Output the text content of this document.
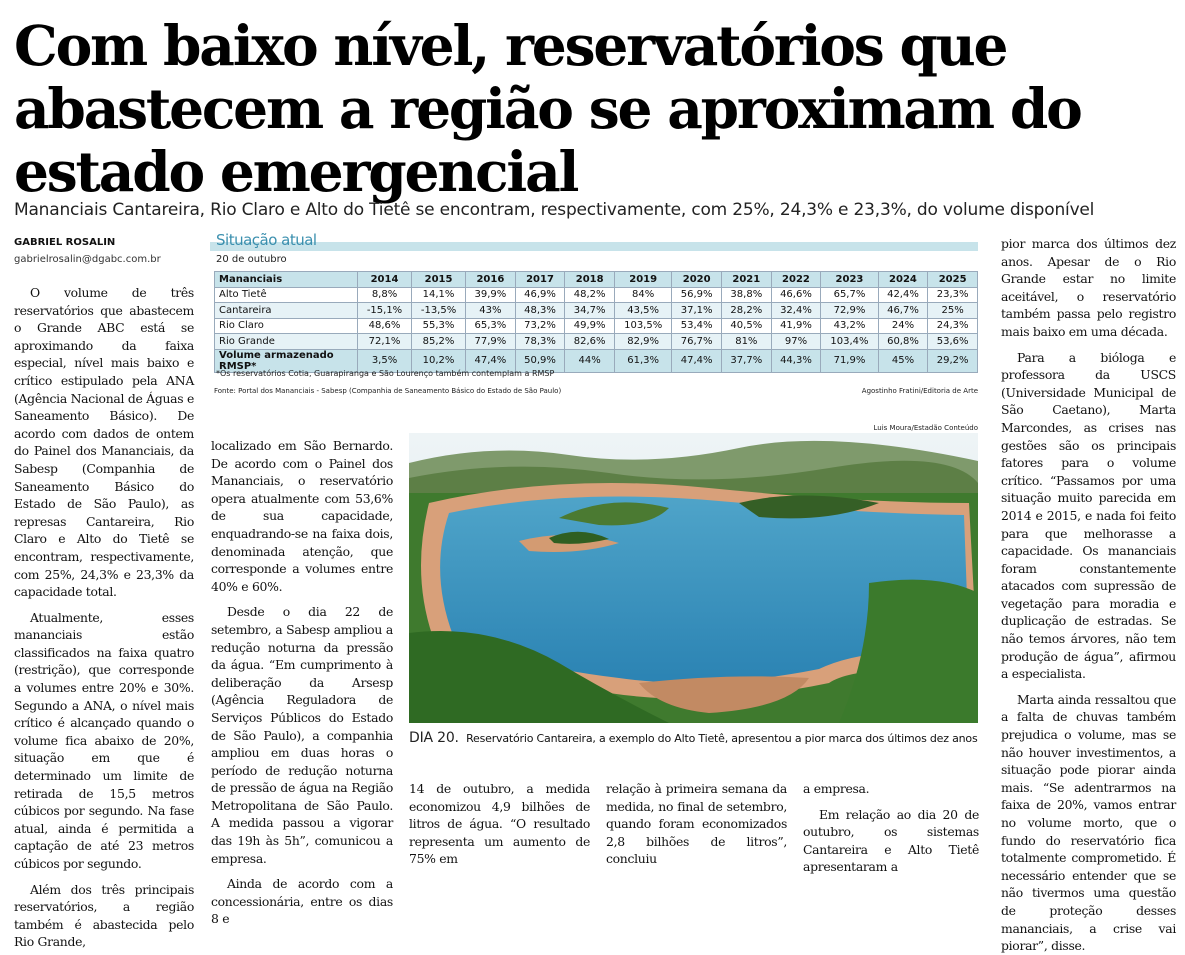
Com baixo nível, reservatórios que abastecem a região se aproximam do estado emergencial
Mananciais Cantareira, Rio Claro e Alto do Tietê se encontram, respectivamente, com 25%, 24,3% e 23,3%, do volume disponível
GABRIEL ROSALIN
gabrielrosalin@dgabc.com.br

O volume de três reservatórios que abastecem o Grande ABC está se aproximando da faixa especial, nível mais baixo e crítico estipulado pela ANA (Agência Nacional de Águas e Saneamento Básico). De acordo com dados de ontem do Painel dos Mananciais, da Sabesp (Companhia de Saneamento Básico do Estado de São Paulo), as represas Cantareira, Rio Claro e Alto do Tietê se encontram, respectivamente, com 25%, 24,3% e 23,3% da capacidade total.

Atualmente, esses mananciais estão classificados na faixa quatro (restrição), que corresponde a volumes entre 20% e 30%. Segundo a ANA, o nível mais crítico é alcançado quando o volume fica abaixo de 20%, situação em que é determinado um limite de retirada de 15,5 metros cúbicos por segundo. Na fase atual, ainda é permitida a captação de até 23 metros cúbicos por segundo.

Além dos três principais reservatórios, a região também é abastecida pelo Rio Grande,

localizado em São Bernardo. De acordo com o Painel dos Mananciais, o reservatório opera atualmente com 53,6% de sua capacidade, enquadrando-se na faixa dois, denominada atenção, que corresponde a volumes entre 40% e 60%.

Desde o dia 22 de setembro, a Sabesp ampliou a redução noturna da pressão da água. “Em cumprimento à deliberação da Arsesp (Agência Reguladora de Serviços Públicos do Estado de São Paulo), a companhia ampliou em duas horas o período de redução noturna de pressão de água na Região Metropolitana de São Paulo. A medida passou a vigorar das 19h às 5h”, comunicou a empresa.

Ainda de acordo com a concessionária, entre os dias 8 e

14 de outubro, a medida economizou 4,9 bilhões de litros de água. “O resultado representa um aumento de 75% em

relação à primeira semana da medida, no final de setembro, quando foram economizados 2,8 bilhões de litros”, concluiu

a empresa.

Em relação ao dia 20 de outubro, os sistemas Cantareira e Alto Tietê apresentaram a

pior marca dos últimos dez anos. Apesar de o Rio Grande estar no limite aceitável, o reservatório também passa pelo registro mais baixo em uma década.

Para a bióloga e professora da USCS (Universidade Municipal de São Caetano), Marta Marcondes, as crises nas gestões são os principais fatores para o volume crítico. “Passamos por uma situação muito parecida em 2014 e 2015, e nada foi feito para que melhorasse a capacidade. Os mananciais foram constantemente atacados com supressão de vegetação para moradia e duplicação de estradas. Se não temos árvores, não tem produção de água”, afirmou a especialista.

Marta ainda ressaltou que a falta de chuvas também prejudica o volume, mas se não houver investimentos, a situação pode piorar ainda mais. “Se adentrarmos na faixa de 20%, vamos entrar no volume morto, que o fundo do reservatório fica totalmente comprometido. É necessário entender que se não tivermos uma questão de proteção desses mananciais, a crise vai piorar”, disse.

Situação atual
20 de outubro
Mananciais	2014	2015	2016	2017	2018	2019	2020	2021	2022	2023	2024	2025
Alto Tietê	8,8%	14,1%	39,9%	46,9%	48,2%	84%	56,9%	38,8%	46,6%	65,7%	42,4%	23,3%
Cantareira	-15,1%	-13,5%	43%	48,3%	34,7%	43,5%	37,1%	28,2%	32,4%	72,9%	46,7%	25%
Rio Claro	48,6%	55,3%	65,3%	73,2%	49,9%	103,5%	53,4%	40,5%	41,9%	43,2%	24%	24,3%
Rio Grande	72,1%	85,2%	77,9%	78,3%	82,6%	82,9%	76,7%	81%	97%	103,4%	60,8%	53,6%
Volume armazenado RMSP*	3,5%	10,2%	47,4%	50,9%	44%	61,3%	47,4%	37,7%	44,3%	71,9%	45%	29,2%
*Os reservatórios Cotia, Guarapiranga e São Lourenço também contemplam a RMSP
Fonte: Portal dos Mananciais - Sabesp (Companhia de Saneamento Básico do Estado de São Paulo)	Agostinho Fratini/Editoria de Arte
Luis Moura/Estadão Conteúdo
DIA 20. Reservatório Cantareira, a exemplo do Alto Tietê, apresentou a pior marca dos últimos dez anos
